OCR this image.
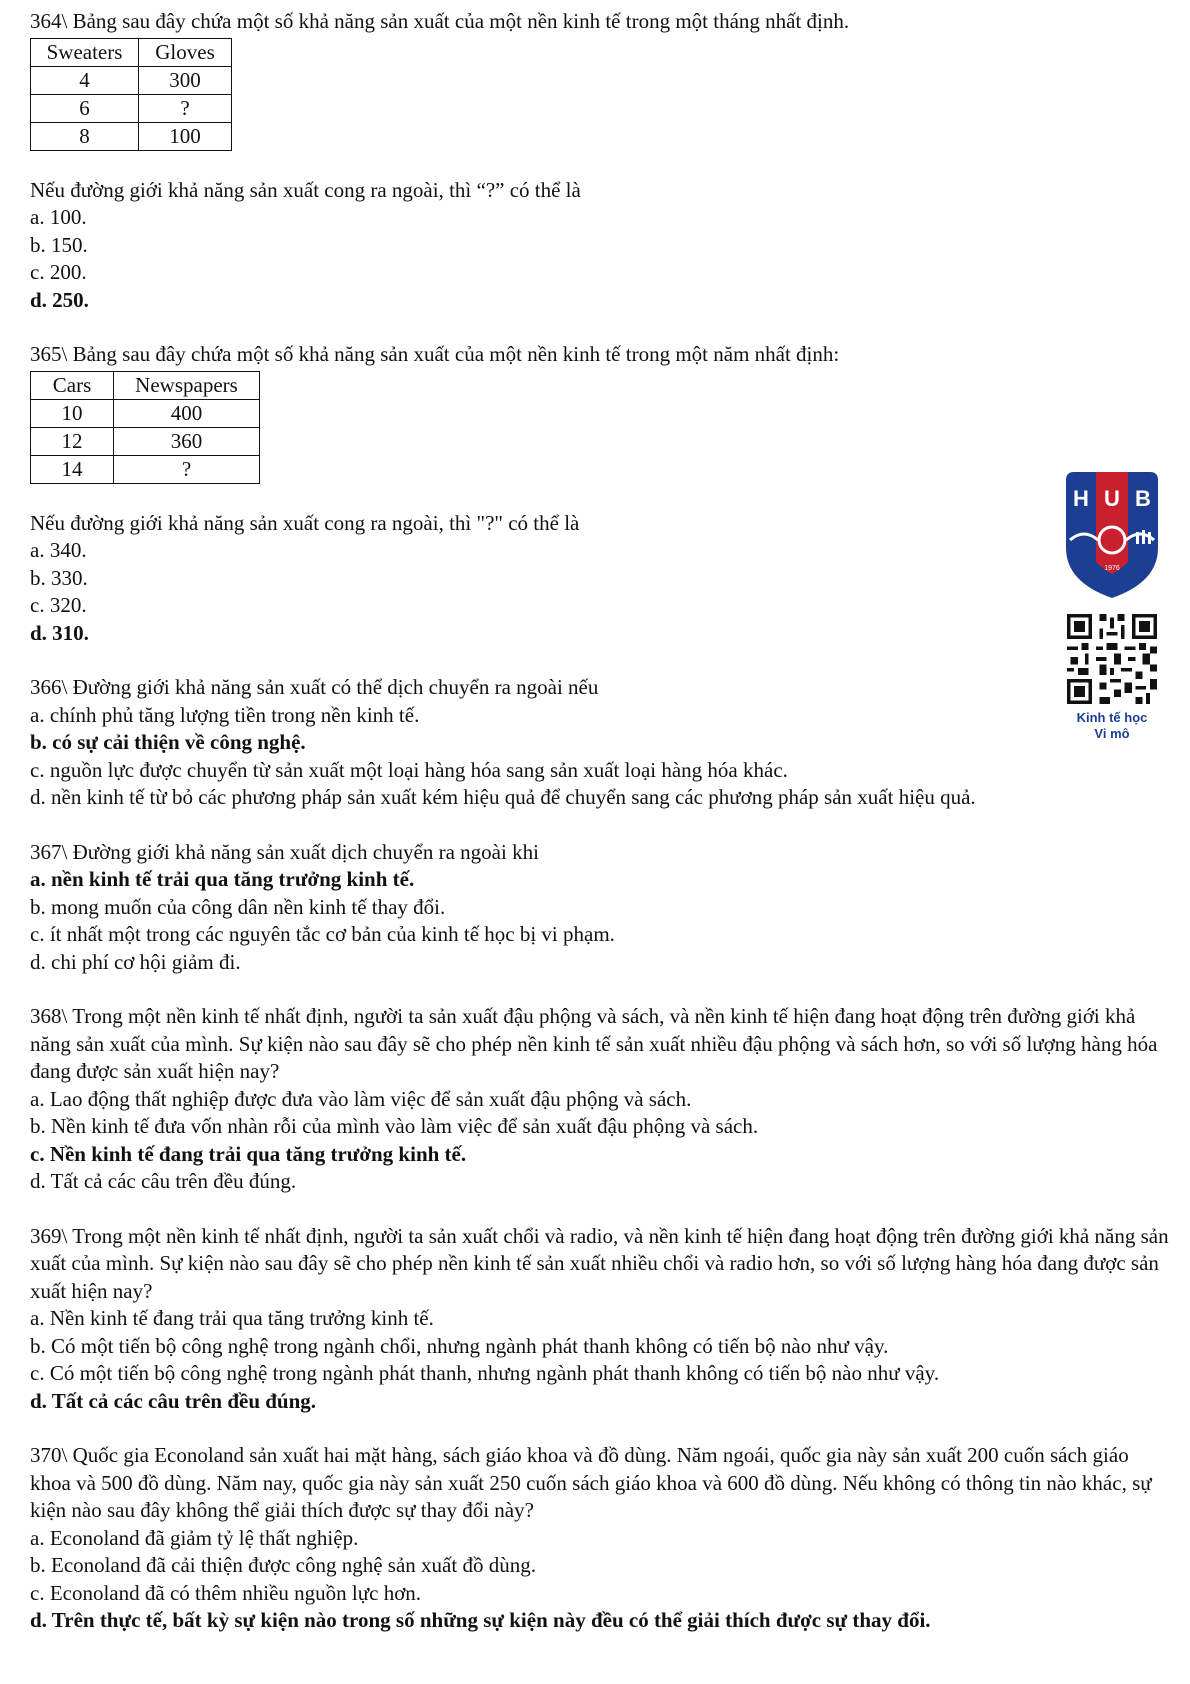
364\ Bảng sau đây chứa một số khả năng sản xuất của một nền kinh tế trong một tháng nhất định.

Sweaters	Gloves
4	300
6	?
8	100

Nếu đường giới khả năng sản xuất cong ra ngoài, thì “?” có thể là

a. 100.
b. 150.
c. 200.
d. 250.

365\ Bảng sau đây chứa một số khả năng sản xuất của một nền kinh tế trong một năm nhất định:

Cars	Newspapers
10	400
12	360
14	?

Nếu đường giới khả năng sản xuất cong ra ngoài, thì "?" có thể là

a. 340.
b. 330.
c. 320.
d. 310.

366\ Đường giới khả năng sản xuất có thể dịch chuyển ra ngoài nếu

a. chính phủ tăng lượng tiền trong nền kinh tế.
b. có sự cải thiện về công nghệ.
c. nguồn lực được chuyển từ sản xuất một loại hàng hóa sang sản xuất loại hàng hóa khác.
d. nền kinh tế từ bỏ các phương pháp sản xuất kém hiệu quả để chuyển sang các phương pháp sản xuất hiệu quả.

367\ Đường giới khả năng sản xuất dịch chuyển ra ngoài khi

a. nền kinh tế trải qua tăng trưởng kinh tế.
b. mong muốn của công dân nền kinh tế thay đổi.
c. ít nhất một trong các nguyên tắc cơ bản của kinh tế học bị vi phạm.
d. chi phí cơ hội giảm đi.

368\ Trong một nền kinh tế nhất định, người ta sản xuất đậu phộng và sách, và nền kinh tế hiện đang hoạt động trên đường giới khả năng sản xuất của mình. Sự kiện nào sau đây sẽ cho phép nền kinh tế sản xuất nhiều đậu phộng và sách hơn, so với số lượng hàng hóa đang được sản xuất hiện nay?

a. Lao động thất nghiệp được đưa vào làm việc để sản xuất đậu phộng và sách.
b. Nền kinh tế đưa vốn nhàn rỗi của mình vào làm việc để sản xuất đậu phộng và sách.
c. Nền kinh tế đang trải qua tăng trưởng kinh tế.
d. Tất cả các câu trên đều đúng.

369\ Trong một nền kinh tế nhất định, người ta sản xuất chổi và radio, và nền kinh tế hiện đang hoạt động trên đường giới khả năng sản xuất của mình. Sự kiện nào sau đây sẽ cho phép nền kinh tế sản xuất nhiều chổi và radio hơn, so với số lượng hàng hóa đang được sản xuất hiện nay?

a. Nền kinh tế đang trải qua tăng trưởng kinh tế.
b. Có một tiến bộ công nghệ trong ngành chổi, nhưng ngành phát thanh không có tiến bộ nào như vậy.
c. Có một tiến bộ công nghệ trong ngành phát thanh, nhưng ngành phát thanh không có tiến bộ nào như vậy.
d. Tất cả các câu trên đều đúng.

370\ Quốc gia Econoland sản xuất hai mặt hàng, sách giáo khoa và đồ dùng. Năm ngoái, quốc gia này sản xuất 200 cuốn sách giáo khoa và 500 đồ dùng. Năm nay, quốc gia này sản xuất 250 cuốn sách giáo khoa và 600 đồ dùng. Nếu không có thông tin nào khác, sự kiện nào sau đây không thể giải thích được sự thay đổi này?

a. Econoland đã giảm tỷ lệ thất nghiệp.
b. Econoland đã cải thiện được công nghệ sản xuất đồ dùng.
c. Econoland đã có thêm nhiều nguồn lực hơn.
d. Trên thực tế, bất kỳ sự kiện nào trong số những sự kiện này đều có thể giải thích được sự thay đổi.
H U B
1976
Kinh tế học
Vi mô
